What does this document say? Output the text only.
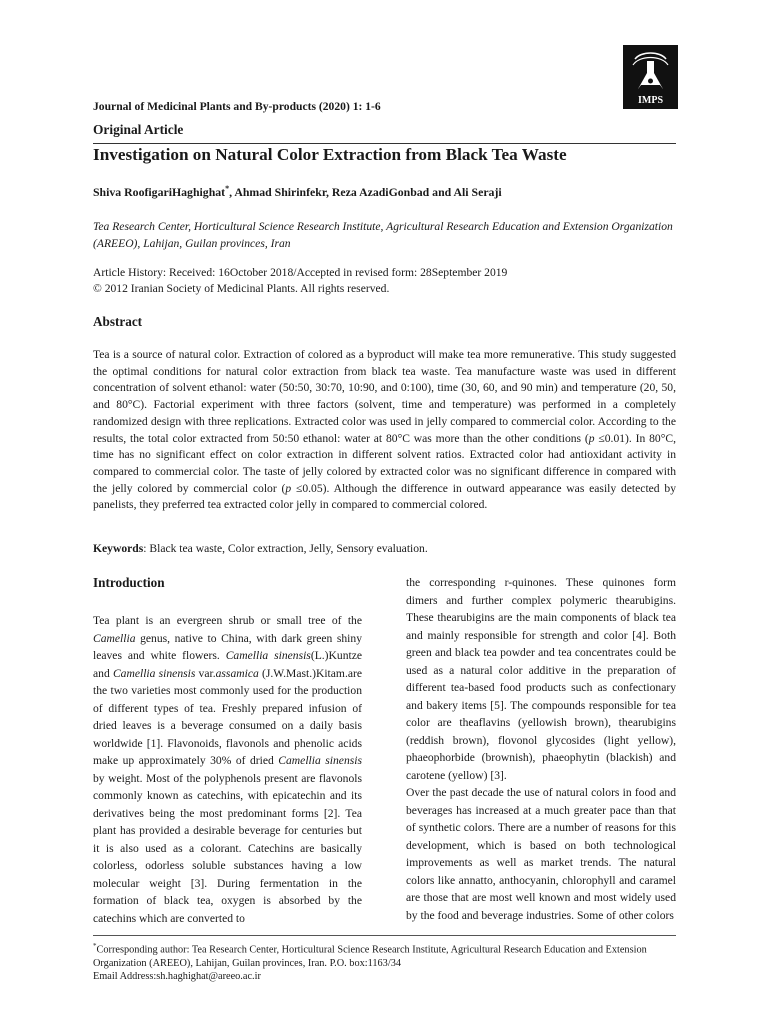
IMPS
Journal of Medicinal Plants and By-products (2020) 1: 1-6
Original Article
Investigation on Natural Color Extraction from Black Tea Waste
Shiva RoofigariHaghighat*, Ahmad Shirinfekr, Reza AzadiGonbad and Ali Seraji
Tea Research Center, Horticultural Science Research Institute, Agricultural Research Education and Extension Organization (AREEO), Lahijan, Guilan provinces, Iran

Article History: Received: 16October 2018/Accepted in revised form: 28September 2019

© 2012 Iranian Society of Medicinal Plants. All rights reserved.

Abstract
Tea is a source of natural color. Extraction of colored as a byproduct will make tea more remunerative. This study suggested the optimal conditions for natural color extraction from black tea waste. Tea manufacture waste was used in different concentration of solvent ethanol: water (50:50, 30:70, 10:90, and 0:100), time (30, 60, and 90 min) and temperature (20, 50, and 80°C). Factorial experiment with three factors (solvent, time and temperature) was performed in a completely randomized design with three replications. Extracted color was used in jelly compared to commercial color. According to the results, the total color extracted from 50:50 ethanol: water at 80°C was more than the other conditions (p ≤0.01). In 80°C, time has no significant effect on color extraction in different solvent ratios. Extracted color had antioxidant activity in compared to commercial color. The taste of jelly colored by extracted color was no significant difference in compared with the jelly colored by commercial color (p ≤0.05). Although the difference in outward appearance was easily detected by panelists, they preferred tea extracted color jelly in compared to commercial colored.
Keywords: Black tea waste, Color extraction, Jelly, Sensory evaluation.
Introduction
Tea plant is an evergreen shrub or small tree of the Camellia genus, native to China, with dark green shiny leaves and white flowers. Camellia sinensis(L.)Kuntze and Camellia sinensis var.assamica (J.W.Mast.)Kitam.are the two varieties most commonly used for the production of different types of tea. Freshly prepared infusion of dried leaves is a beverage consumed on a daily basis worldwide [1]. Flavonoids, flavonols and phenolic acids make up approximately 30% of dried Camellia sinensis by weight. Most of the polyphenols present are flavonols commonly known as catechins, with epicatechin and its derivatives being the most predominant forms [2]. Tea plant has provided a desirable beverage for centuries but it is also used as a colorant. Catechins are basically colorless, odorless soluble substances having a low molecular weight [3]. During fermentation in the formation of black tea, oxygen is absorbed by the catechins which are converted to

the corresponding r-quinones. These quinones form dimers and further complex polymeric thearubigins. These thearubigins are the main components of black tea and mainly responsible for strength and color [4]. Both green and black tea powder and tea concentrates could be used as a natural color additive in the preparation of different tea-based food products such as confectionary and bakery items [5]. The compounds responsible for tea color are theaflavins (yellowish brown), thearubigins (reddish brown), flovonol glycosides (light yellow), phaeophorbide (brownish), phaeophytin (blackish) and carotene (yellow) [3].

Over the past decade the use of natural colors in food and beverages has increased at a much greater pace than that of synthetic colors. There are a number of reasons for this development, which is based on both technological improvements as well as market trends. The natural colors like annatto, anthocyanin, chlorophyll and caramel are those that are most well known and most widely used by the food and beverage industries. Some of other colors

*Corresponding author: Tea Research Center, Horticultural Science Research Institute, Agricultural Research Education and Extension Organization (AREEO), Lahijan, Guilan provinces, Iran. P.O. box:1163/34

Email Address:sh.haghighat@areeo.ac.ir
